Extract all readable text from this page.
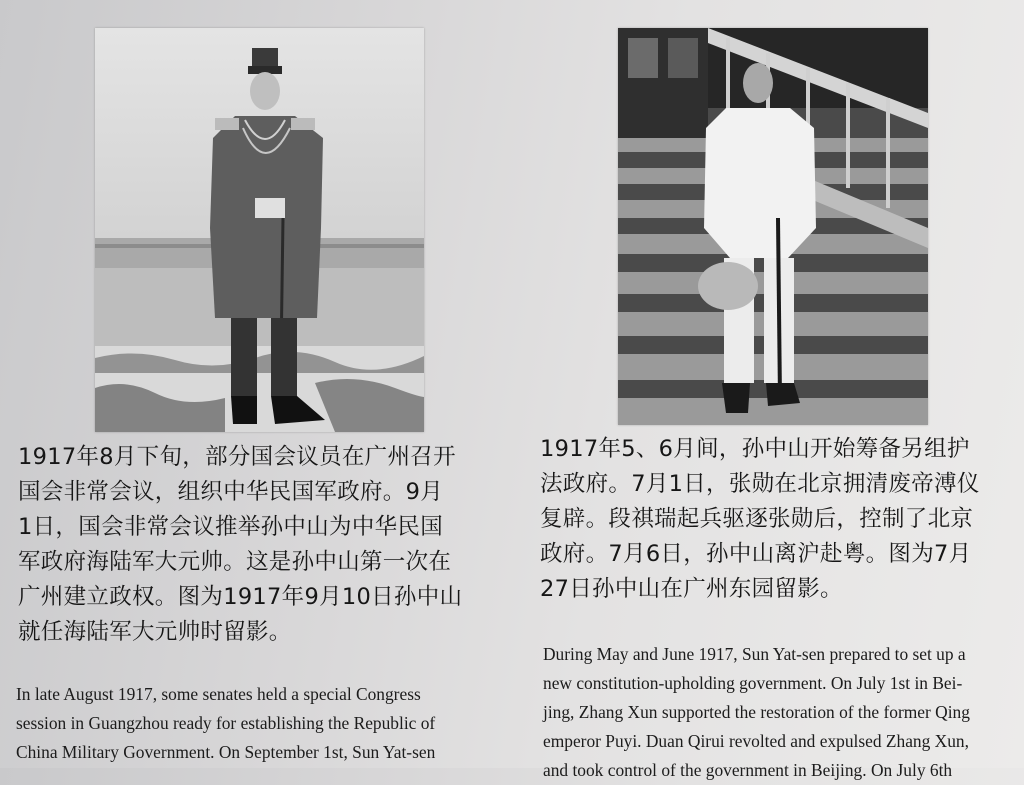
1917年8月下旬，部分国会议员在广州召开
国会非常会议，组织中华民国军政府。9月
1日，国会非常会议推举孙中山为中华民国
军政府海陆军大元帅。这是孙中山第一次在
广州建立政权。图为1917年9月10日孙中山
就任海陆军大元帅时留影。
In late August 1917, some senates held a special Congress
session in Guangzhou ready for establishing the Republic of
China Military Government. On September 1st, Sun Yat-sen
1917年5、6月间，孙中山开始筹备另组护
法政府。7月1日，张勋在北京拥清废帝溥仪
复辟。段祺瑞起兵驱逐张勋后，控制了北京
政府。7月6日，孙中山离沪赴粤。图为7月
27日孙中山在广州东园留影。
During May and June 1917, Sun Yat-sen prepared to set up a
new constitution-upholding government. On July 1st in Bei-
jing, Zhang Xun supported the restoration of the former Qing
emperor Puyi. Duan Qirui revolted and expulsed Zhang Xun,
and took control of the government in Beijing. On July 6th
